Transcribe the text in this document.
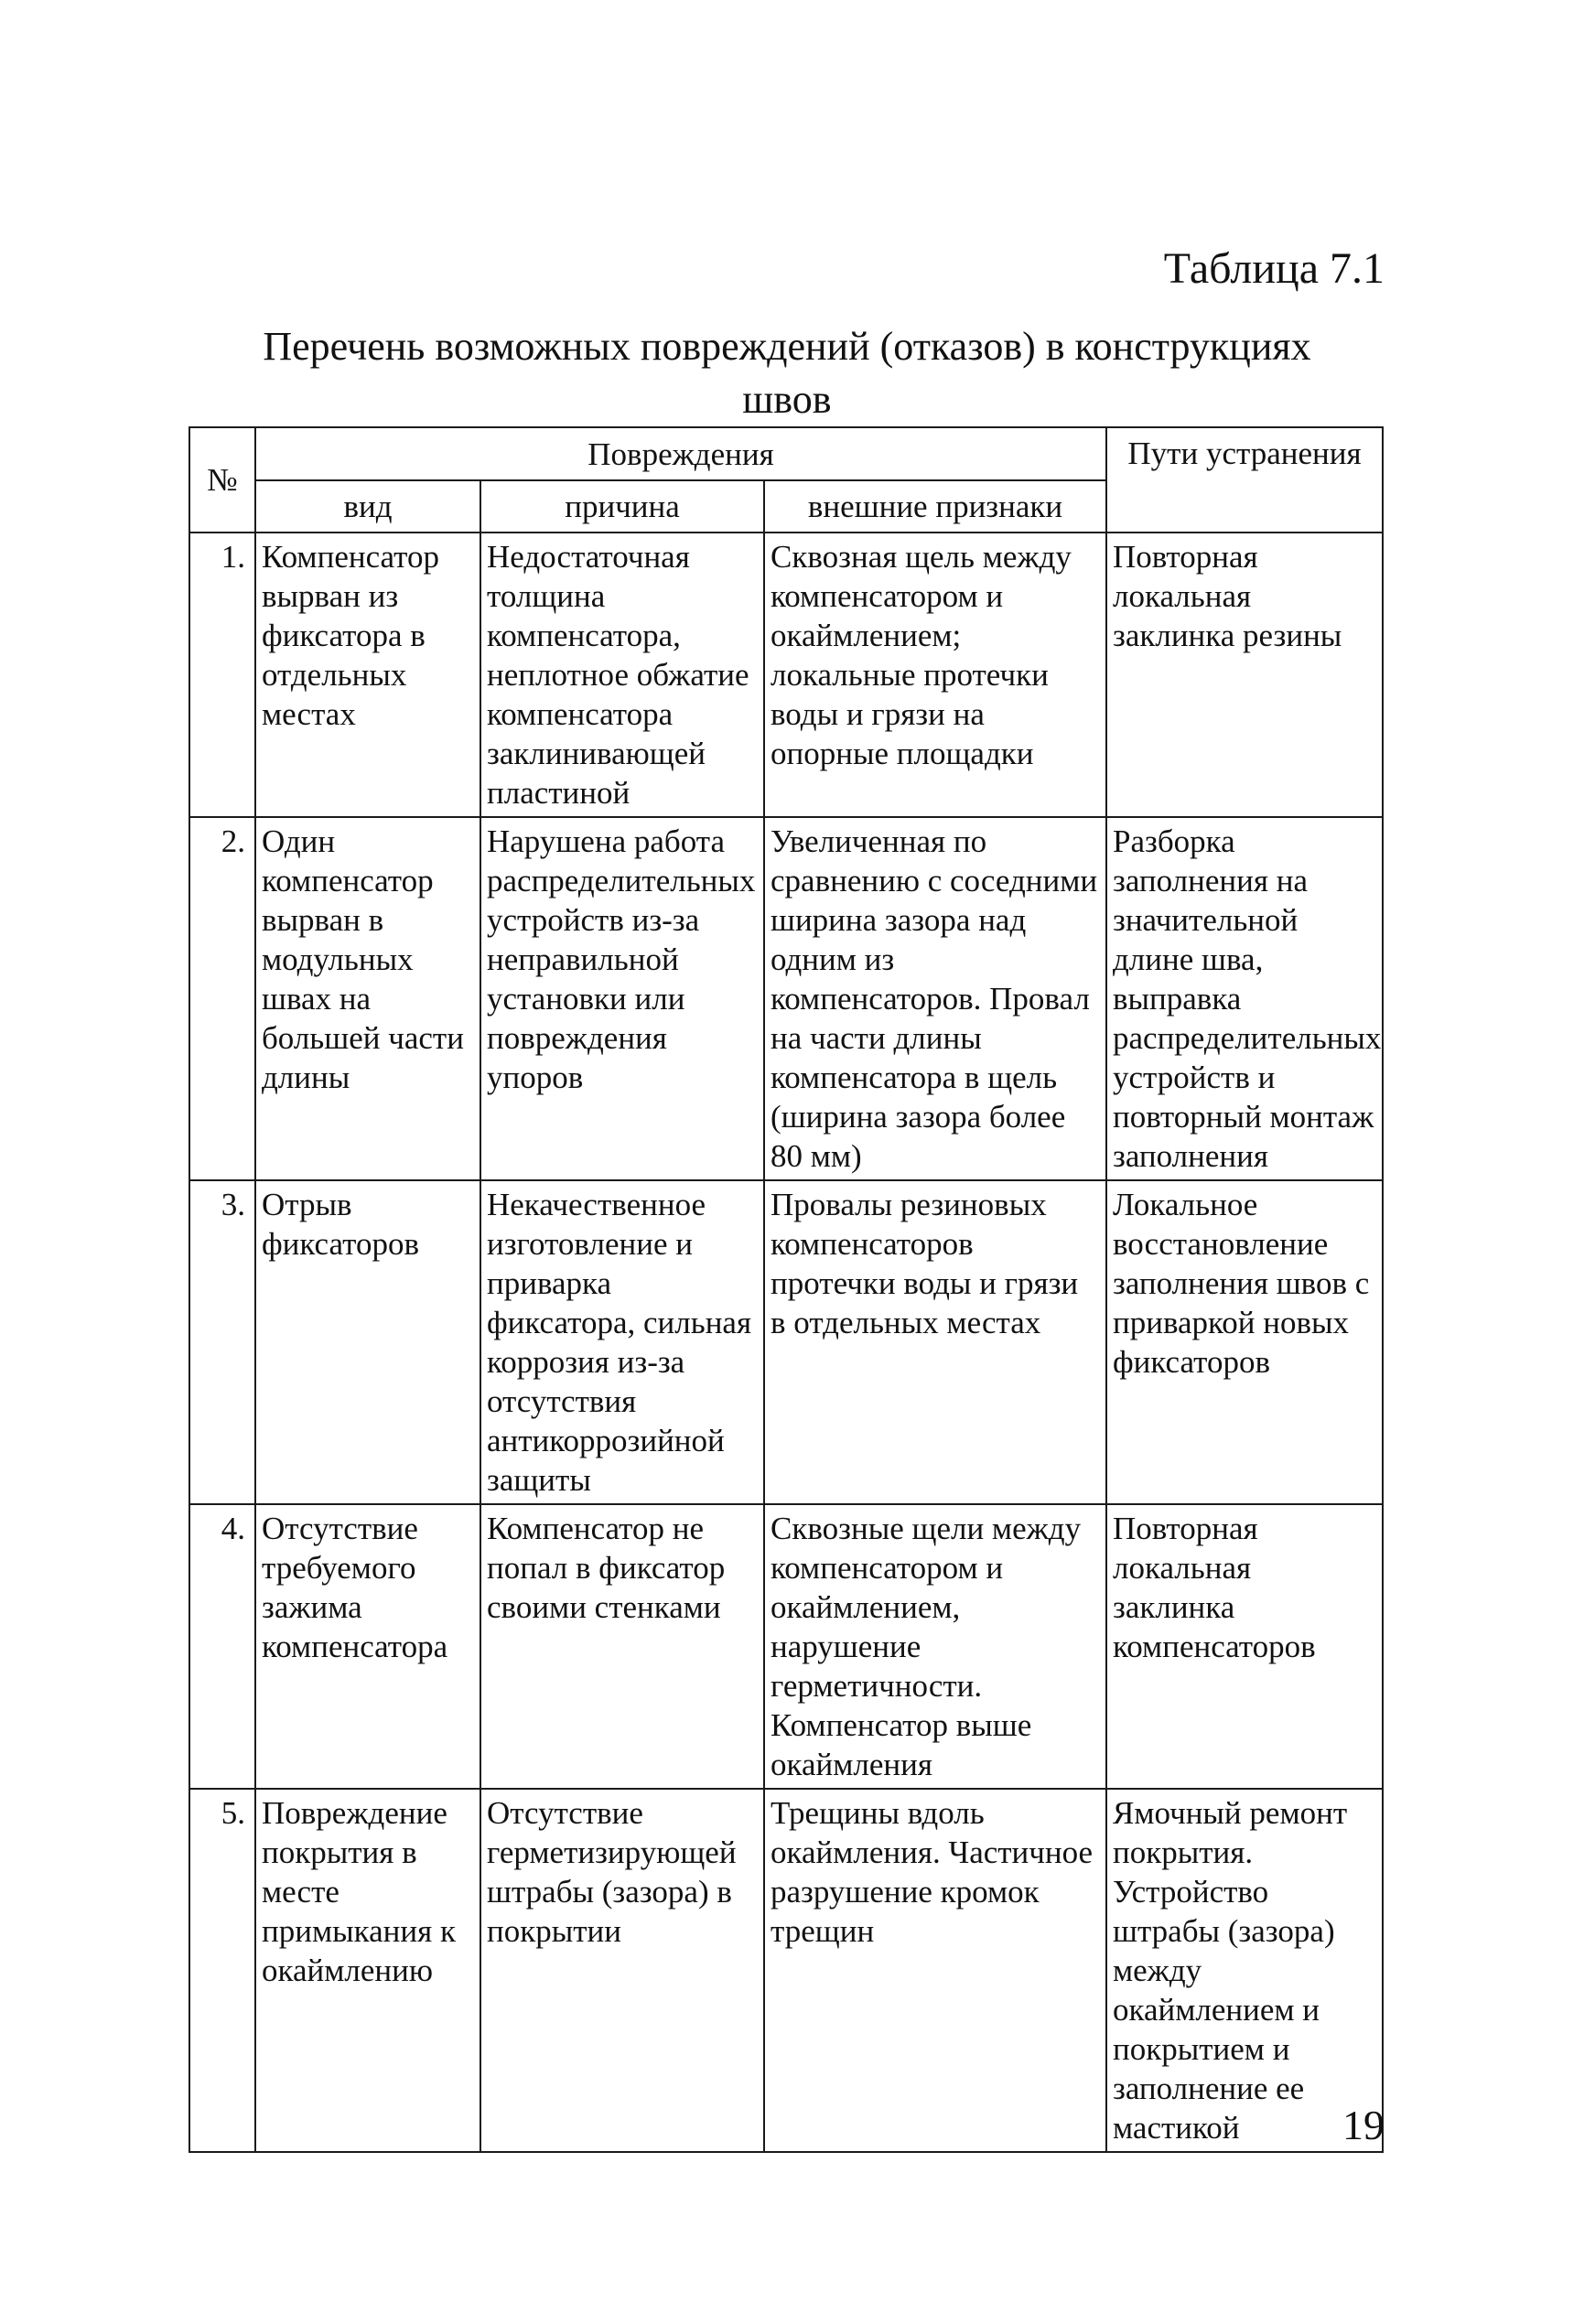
Таблица 7.1
Перечень возможных повреждений (отказов) в конструкциях
швов
№	Повреждения			Пути устранения
	вид	причина	внешние признаки	
1.	Компенсатор вырван из фиксатора в отдельных местах	Недостаточная толщина компенсатора, неплотное обжатие компенсатора заклинивающей пластиной	Сквозная щель между компенсатором и окаймлением; локальные протечки воды и грязи на опорные площадки	Повторная локальная заклинка резины
2.	Один компенсатор вырван в модульных швах на большей части длины	Нарушена работа распределительных устройств из-за неправильной установки или повреждения упоров	Увеличенная по сравнению с соседними ширина зазора над одним из компенсаторов. Провал на части длины компенсатора в щель (ширина зазора более 80 мм)	Разборка заполнения на значительной длине шва, выправка распределительных устройств и повторный монтаж заполнения
3.	Отрыв фиксаторов	Некачественное изготовление и приварка фиксатора, сильная коррозия из-за отсутствия антикоррозийной защиты	Провалы резиновых компенсаторов протечки воды и грязи в отдельных местах	Локальное восстановление заполнения швов с приваркой новых фиксаторов
4.	Отсутствие требуемого зажима компенсатора	Компенсатор не попал в фиксатор своими стенками	Сквозные щели между компенсатором и окаймлением, нарушение герметичности. Компенсатор выше окаймления	Повторная локальная заклинка компенсаторов
5.	Повреждение покрытия в месте примыкания к окаймлению	Отсутствие герметизирующей штрабы (зазора) в покрытии	Трещины вдоль окаймления. Частичное разрушение кромок трещин	Ямочный ремонт покрытия. Устройство штрабы (зазора) между окаймлением и покрытием и заполнение ее мастикой 19
